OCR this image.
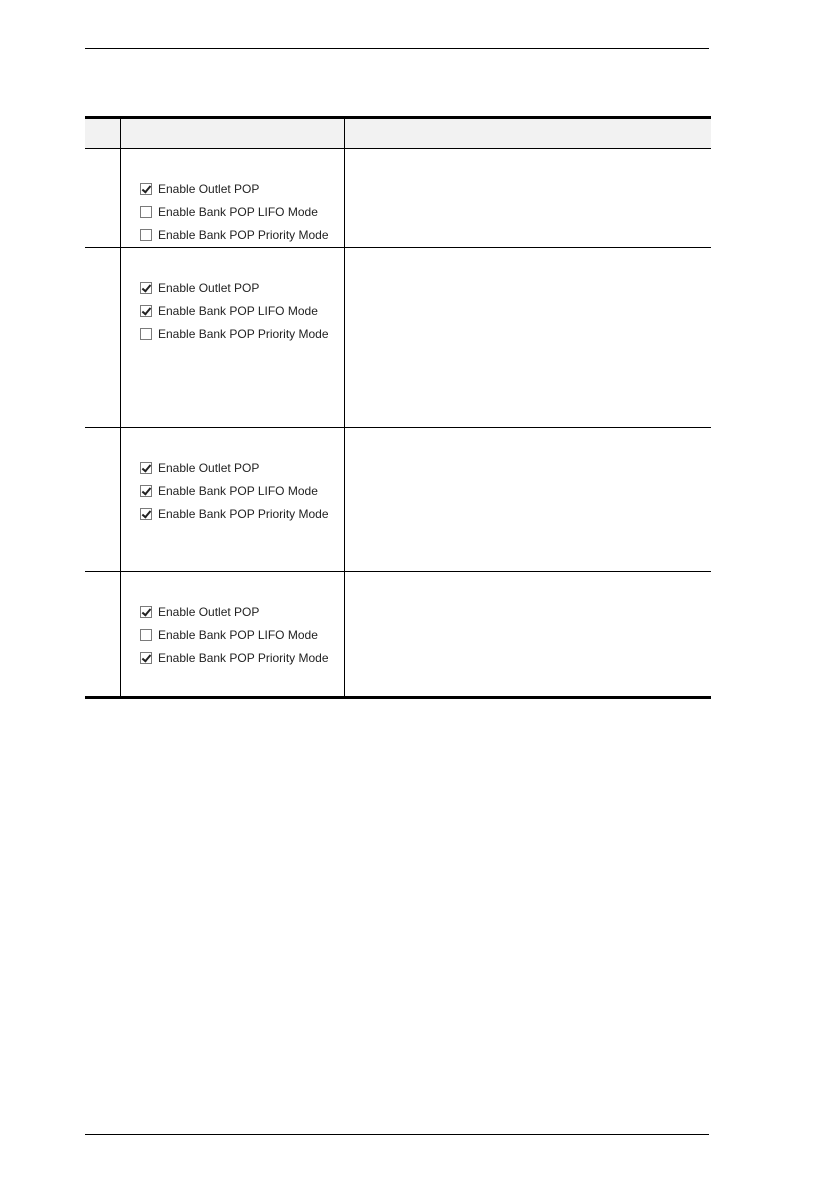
Enable Outlet POP
Enable Bank POP LIFO Mode
Enable Bank POP Priority Mode
Enable Outlet POP
Enable Bank POP LIFO Mode
Enable Bank POP Priority Mode
Enable Outlet POP
Enable Bank POP LIFO Mode
Enable Bank POP Priority Mode
Enable Outlet POP
Enable Bank POP LIFO Mode
Enable Bank POP Priority Mode
